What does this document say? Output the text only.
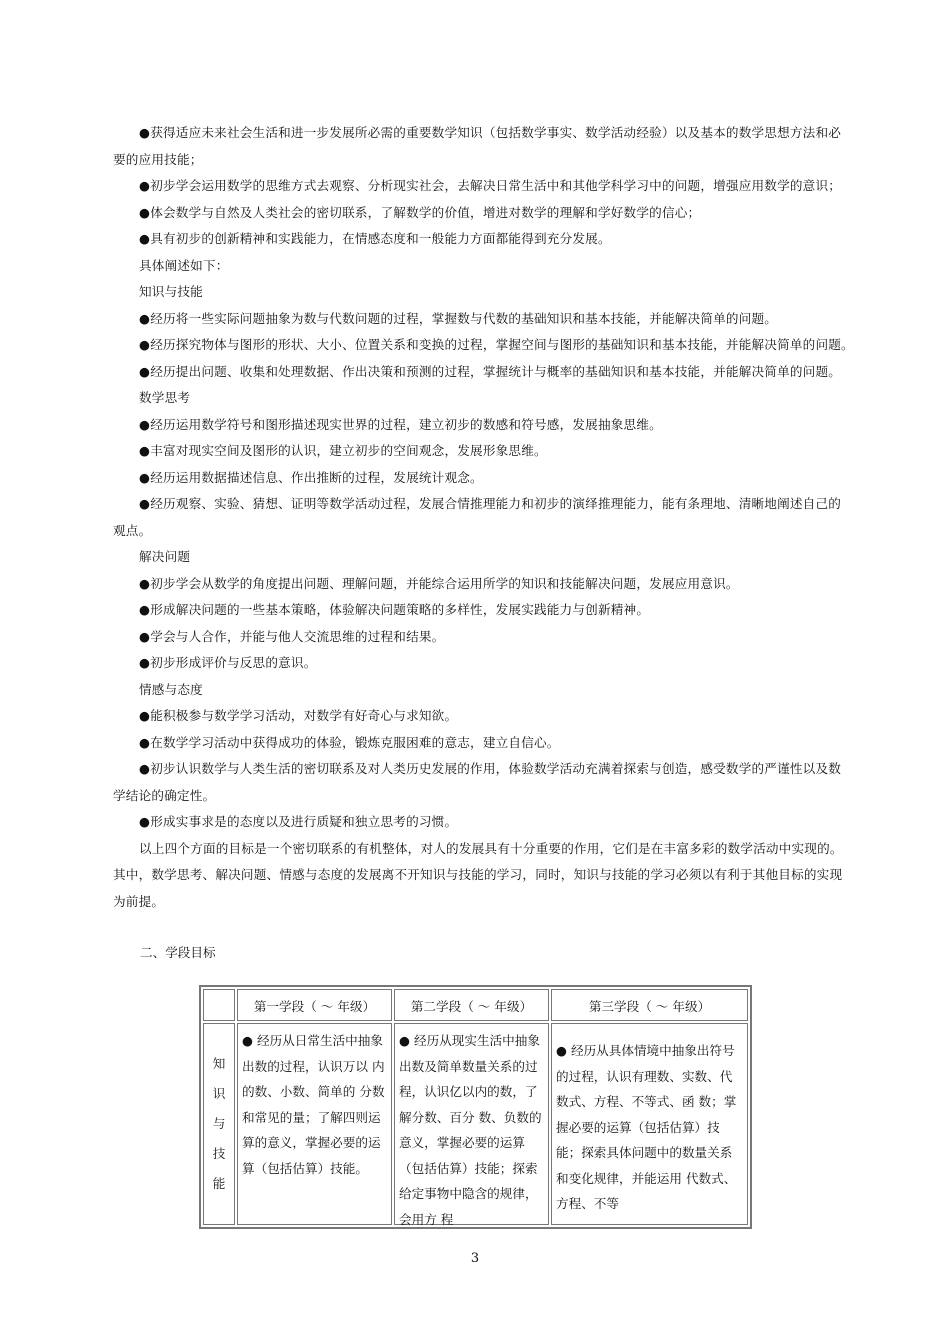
●获得适应未来社会生活和进一步发展所必需的重要数学知识（包括数学事实、数学活动经验）以及基本的数学思想方法和必
要的应用技能；
●初步学会运用数学的思维方式去观察、分析现实社会，去解决日常生活中和其他学科学习中的问题，增强应用数学的意识；
●体会数学与自然及人类社会的密切联系，了解数学的价值，增进对数学的理解和学好数学的信心；
●具有初步的创新精神和实践能力，在情感态度和一般能力方面都能得到充分发展。
具体阐述如下：
知识与技能
●经历将一些实际问题抽象为数与代数问题的过程，掌握数与代数的基础知识和基本技能，并能解决简单的问题。
●经历探究物体与图形的形状、大小、位置关系和变换的过程，掌握空间与图形的基础知识和基本技能，并能解决简单的问题。
●经历提出问题、收集和处理数据、作出决策和预测的过程，掌握统计与概率的基础知识和基本技能，并能解决简单的问题。
数学思考
●经历运用数学符号和图形描述现实世界的过程，建立初步的数感和符号感，发展抽象思维。
●丰富对现实空间及图形的认识，建立初步的空间观念，发展形象思维。
●经历运用数据描述信息、作出推断的过程，发展统计观念。
●经历观察、实验、猜想、证明等数学活动过程，发展合情推理能力和初步的演绎推理能力，能有条理地、清晰地阐述自己的
观点。
解决问题
●初步学会从数学的角度提出问题、理解问题，并能综合运用所学的知识和技能解决问题，发展应用意识。
●形成解决问题的一些基本策略，体验解决问题策略的多样性，发展实践能力与创新精神。
●学会与人合作，并能与他人交流思维的过程和结果。
●初步形成评价与反思的意识。
情感与态度
●能积极参与数学学习活动，对数学有好奇心与求知欲。
●在数学学习活动中获得成功的体验，锻炼克服困难的意志，建立自信心。
●初步认识数学与人类生活的密切联系及对人类历史发展的作用，体验数学活动充满着探索与创造，感受数学的严谨性以及数
学结论的确定性。
●形成实事求是的态度以及进行质疑和独立思考的习惯。
以上四个方面的目标是一个密切联系的有机整体，对人的发展具有十分重要的作用，它们是在丰富多彩的数学活动中实现的。
其中，数学思考、解决问题、情感与态度的发展离不开知识与技能的学习，同时，知识与技能的学习必须以有利于其他目标的实现
为前提。
二、学段目标
	第一学段（ ～ 年级）	第二学段（ ～ 年级）	第三学段（ ～ 年级）

知
识
与
技
能	● 经历从日常生活中抽象出数的过程，认识万以 内的数、小数、简单的 分数和常见的量；了解四则运算的意义，掌握必要的运算（包括估算）技能。	● 经历从现实生活中抽象出数及简单数量关系的过程，认识亿以内的数，了解分数、百分 数、负数的意义，掌握必要的运算（包括估算）技能；探索给定事物中隐含的规律，会用方 程	● 经历从具体情境中抽象出符号的过程，认识有理数、实数、代数式、方程、不等式、函 数；掌握必要的运算（包括估算）技能；探索具体问题中的数量关系和变化规律，并能运用 代数式、方程、不等
3
